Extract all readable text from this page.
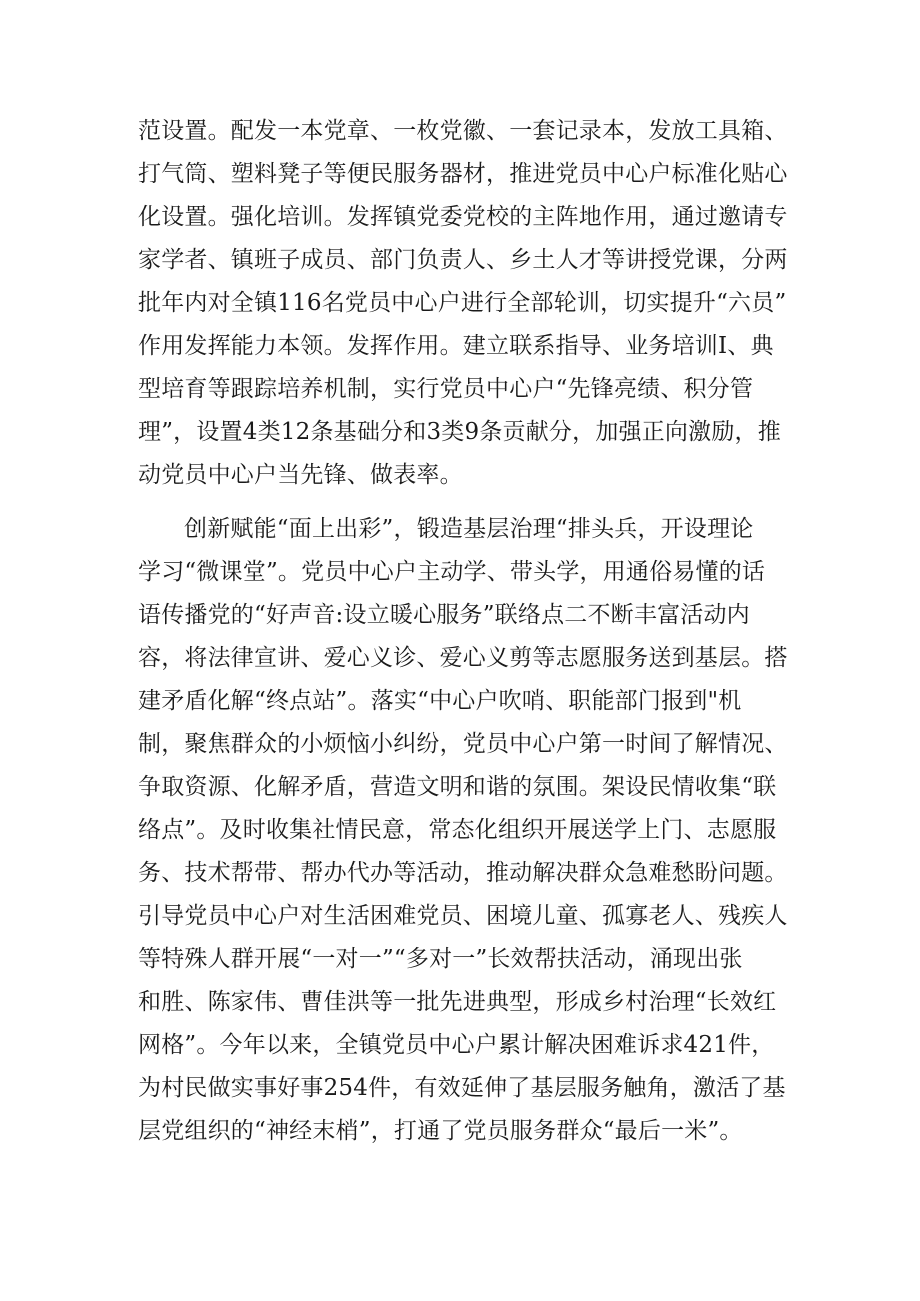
范设置。配发一本党章、一枚党徽、一套记录本，发放工具箱、
打气筒、塑料凳子等便民服务器材，推进党员中心户标准化贴心
化设置。强化培训。发挥镇党委党校的主阵地作用，通过邀请专
家学者、镇班子成员、部门负责人、乡土人才等讲授党课，分两
批年内对全镇116名党员中心户进行全部轮训，切实提升“六员”
作用发挥能力本领。发挥作用。建立联系指导、业务培训I、典
型培育等跟踪培养机制，实行党员中心户“先锋亮绩、积分管
理”，设置4类12条基础分和3类9条贡献分，加强正向激励，推
动党员中心户当先锋、做表率。
创新赋能“面上出彩”，锻造基层治理“排头兵，开设理论
学习“微课堂”。党员中心户主动学、带头学，用通俗易懂的话
语传播党的“好声音:设立暖心服务”联络点二不断丰富活动内
容，将法律宣讲、爱心义诊、爱心义剪等志愿服务送到基层。搭
建矛盾化解“终点站”。落实“中心户吹哨、职能部门报到"机
制，聚焦群众的小烦恼小纠纷，党员中心户第一时间了解情况、
争取资源、化解矛盾，营造文明和谐的氛围。架设民情收集“联
络点”。及时收集社情民意，常态化组织开展送学上门、志愿服
务、技术帮带、帮办代办等活动，推动解决群众急难愁盼问题。
引导党员中心户对生活困难党员、困境儿童、孤寡老人、残疾人
等特殊人群开展“一对一”“多对一”长效帮扶活动，涌现出张
和胜、陈家伟、曹佳洪等一批先进典型，形成乡村治理“长效红
网格”。今年以来，全镇党员中心户累计解决困难诉求421件，
为村民做实事好事254件，有效延伸了基层服务触角，激活了基
层党组织的“神经末梢”，打通了党员服务群众“最后一米”。
